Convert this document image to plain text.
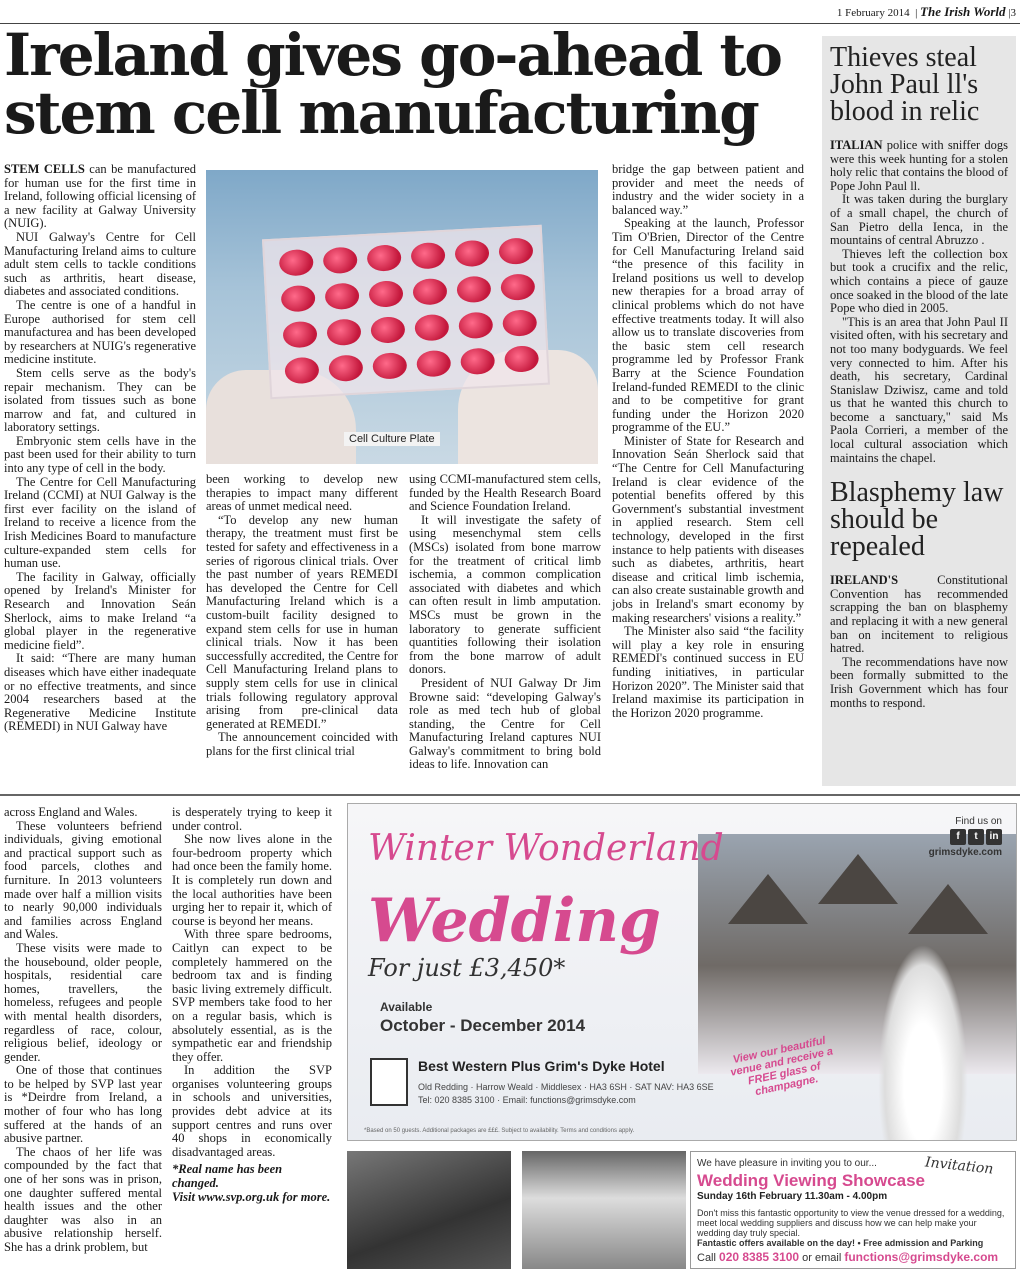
1 February 2014  | The Irish World |3
Ireland gives go-ahead to stem cell manufacturing

STEM CELLS can be manufactured for human use for the first time in Ireland, following official licensing of a new facility at Galway University (NUIG).

NUI Galway's Centre for Cell Manufacturing Ireland aims to culture adult stem cells to tackle conditions such as arthritis, heart disease, diabetes and associated conditions.

The centre is one of a handful in Europe authorised for stem cell manufacturea and has been developed by researchers at NUIG's regenerative medicine institute.

Stem cells serve as the body's repair mechanism. They can be isolated from tissues such as bone marrow and fat, and cultured in laboratory settings.

Embryonic stem cells have in the past been used for their ability to turn into any type of cell in the body.

The Centre for Cell Manufacturing Ireland (CCMI) at NUI Galway is the first ever facility on the island of Ireland to receive a licence from the Irish Medicines Board to manufacture culture-expanded stem cells for human use.

The facility in Galway, officially opened by Ireland's Minister for Research and Innovation Seán Sherlock, aims to make Ireland “a global player in the regenerative medicine field”.

It said: “There are many human diseases which have either inadequate or no effective treatments, and since 2004 researchers based at the Regenerative Medicine Institute (REMEDI) in NUI Galway have

Cell Culture Plate

been working to develop new therapies to impact many different areas of unmet medical need.

“To develop any new human therapy, the treatment must first be tested for safety and effectiveness in a series of rigorous clinical trials. Over the past number of years REMEDI has developed the Centre for Cell Manufacturing Ireland which is a custom-built facility designed to expand stem cells for use in human clinical trials. Now it has been successfully accredited, the Centre for Cell Manufacturing Ireland plans to supply stem cells for use in clinical trials following regulatory approval arising from pre-clinical data generated at REMEDI.”

The announcement coincided with plans for the first clinical trial

using CCMI-manufactured stem cells, funded by the Health Research Board and Science Foundation Ireland.

It will investigate the safety of using mesenchymal stem cells (MSCs) isolated from bone marrow for the treatment of critical limb ischemia, a common complication associated with diabetes and which can often result in limb amputation. MSCs must be grown in the laboratory to generate sufficient quantities following their isolation from the bone marrow of adult donors.

President of NUI Galway Dr Jim Browne said: “developing Galway's role as med tech hub of global standing, the Centre for Cell Manufacturing Ireland captures NUI Galway's commitment to bring bold ideas to life. Innovation can

bridge the gap between patient and provider and meet the needs of industry and the wider society in a balanced way.”

Speaking at the launch, Professor Tim O'Brien, Director of the Centre for Cell Manufacturing Ireland said “the presence of this facility in Ireland positions us well to develop new therapies for a broad array of clinical problems which do not have effective treatments today. It will also allow us to translate discoveries from the basic stem cell research programme led by Professor Frank Barry at the Science Foundation Ireland-funded REMEDI to the clinic and to be competitive for grant funding under the Horizon 2020 programme of the EU.”

Minister of State for Research and Innovation Seán Sherlock said that “The Centre for Cell Manufacturing Ireland is clear evidence of the potential benefits offered by this Government's substantial investment in applied research. Stem cell technology, developed in the first instance to help patients with diseases such as diabetes, arthritis, heart disease and critical limb ischemia, can also create sustainable growth and jobs in Ireland's smart economy by making researchers' visions a reality.”

The Minister also said “the facility will play a key role in ensuring REMEDI's continued success in EU funding initiatives, in particular Horizon 2020”. The Minister said that Ireland maximise its participation in the Horizon 2020 programme.

Thieves steal John Paul ll's blood in relic

ITALIAN police with sniffer dogs were this week hunting for a stolen holy relic that contains the blood of Pope John Paul ll.

It was taken during the burglary of a small chapel, the church of San Pietro della Ienca, in the mountains of central Abruzzo .

Thieves left the collection box but took a crucifix and the relic, which contains a piece of gauze once soaked in the blood of the late Pope who died in 2005.

"This is an area that John Paul II visited often, with his secretary and not too many bodyguards. We feel very connected to him. After his death, his secretary, Cardinal Stanislaw Dziwisz, came and told us that he wanted this church to become a sanctuary," said Ms Paola Corrieri, a member of the local cultural association which maintains the chapel.

Blasphemy law should be repealed

IRELAND'S Constitutional Convention has recommended scrapping the ban on blasphemy and replacing it with a new general ban on incitement to religious hatred.

The recommendations have now been formally submitted to the Irish Government which has four months to respond.

across England and Wales.

These volunteers befriend individuals, giving emotional and practical support such as food parcels, clothes and furniture. In 2013 volunteers made over half a million visits to nearly 90,000 individuals and families across England and Wales.

These visits were made to the housebound, older people, hospitals, residential care homes, travellers, the homeless, refugees and people with mental health disorders, regardless of race, colour, religious belief, ideology or gender.

One of those that continues to be helped by SVP last year is *Deirdre from Ireland, a mother of four who has long suffered at the hands of an abusive partner.

The chaos of her life was compounded by the fact that one of her sons was in prison, one daughter suffered mental health issues and the other daughter was also in an abusive relationship herself. She has a drink problem, but

is desperately trying to keep it under control.

She now lives alone in the four-bedroom property which had once been the family home. It is completely run down and the local authorities have been urging her to repair it, which of course is beyond her means.

With three spare bedrooms, Caitlyn can expect to be completely hammered on the bedroom tax and is finding basic living extremely difficult. SVP members take food to her on a regular basis, which is absolutely essential, as is the sympathetic ear and friendship they offer.

In addition the SVP organises volunteering groups in schools and universities, provides debt advice at its support centres and runs over 40 shops in economically disadvantaged areas.

*Real name has been changed.

Visit www.svp.org.uk for more.

Winter Wonderland
Wedding
For just £3,450*
Available
October - December 2014
Find us on
f t in
grimsdyke.com
Best Western Plus Grim's Dyke Hotel
Old Redding · Harrow Weald · Middlesex · HA3 6SH · SAT NAV: HA3 6SE
Tel: 020 8385 3100 · Email: functions@grimsdyke.com
View our beautiful venue and receive a FREE glass of champagne.
*Based on 50 guests. Additional packages are £££. Subject to availability. Terms and conditions apply.
We have pleasure in inviting you to our...	Invitation
Wedding Viewing Showcase
Sunday 16th February 11.30am - 4.00pm
Don't miss this fantastic opportunity to view the venue dressed for a wedding, meet local wedding suppliers and discuss how we can help make your wedding day truly special.
Fantastic offers available on the day! • Free admission and Parking
Call 020 8385 3100 or email functions@grimsdyke.com
